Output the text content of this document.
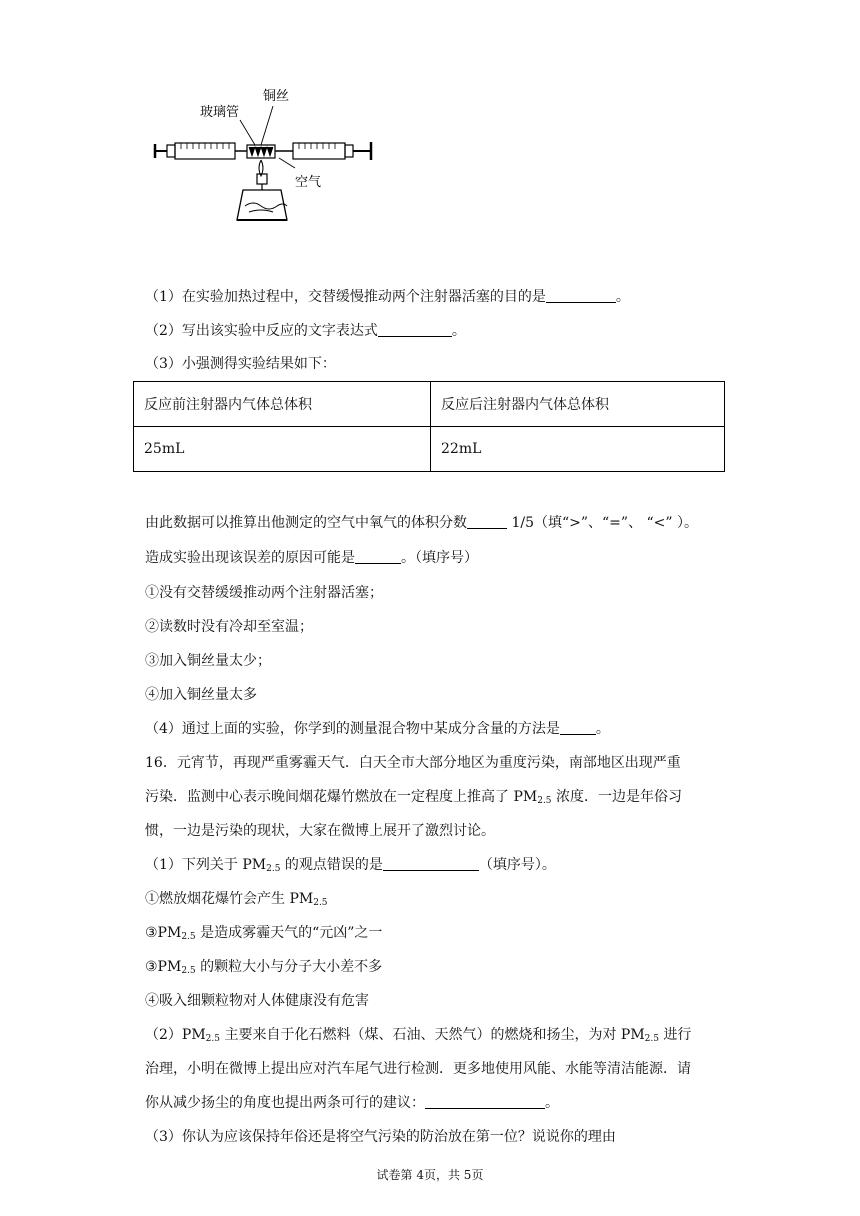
玻璃管
铜丝
空气
（1）在实验加热过程中，交替缓慢推动两个注射器活塞的目的是	。
（2）写出该实验中反应的文字表达式	。
（3）小强测得实验结果如下：
反应前注射器内气体总体积	反应后注射器内气体总体积
25mL	22mL
由此数据可以推算出他测定的空气中氧气的体积分数	1/5（填“>”、“=”、 “<” ）。
造成实验出现该误差的原因可能是	。（填序号）
①没有交替缓缓推动两个注射器活塞；
②读数时没有冷却至室温；
③加入铜丝量太少；
④加入铜丝量太多
（4）通过上面的实验，你学到的测量混合物中某成分含量的方法是	。
16．元宵节，再现严重雾霾天气．白天全市大部分地区为重度污染，南部地区出现严重
污染．监测中心表示晚间烟花爆竹燃放在一定程度上推高了 $PM_{2.5}$ 浓度．一边是年俗习
惯，一边是污染的现状，大家在微博上展开了激烈讨论。
（1）下列关于 $PM_{2.5}$ 的观点错误的是	（填序号）。
①燃放烟花爆竹会产生 $PM_{2.5}$
$③PM_{2.5}$ 是造成雾霾天气的“元凶”之一
$③PM_{2.5}$ 的颗粒大小与分子大小差不多
④吸入细颗粒物对人体健康没有危害
$(2)PM_{2.5}$ 主要来自于化石燃料（煤、石油、天然气）的燃烧和扬尘，为对 $PM_{2.5}$ 进行
治理，小明在微博上提出应对汽车尾气进行检测．更多地使用风能、水能等清洁能源．请
你从减少扬尘的角度也提出两条可行的建议：	。
（3）你认为应该保持年俗还是将空气污染的防治放在第一位？说说你的理由
试卷第 4页，共 5页
